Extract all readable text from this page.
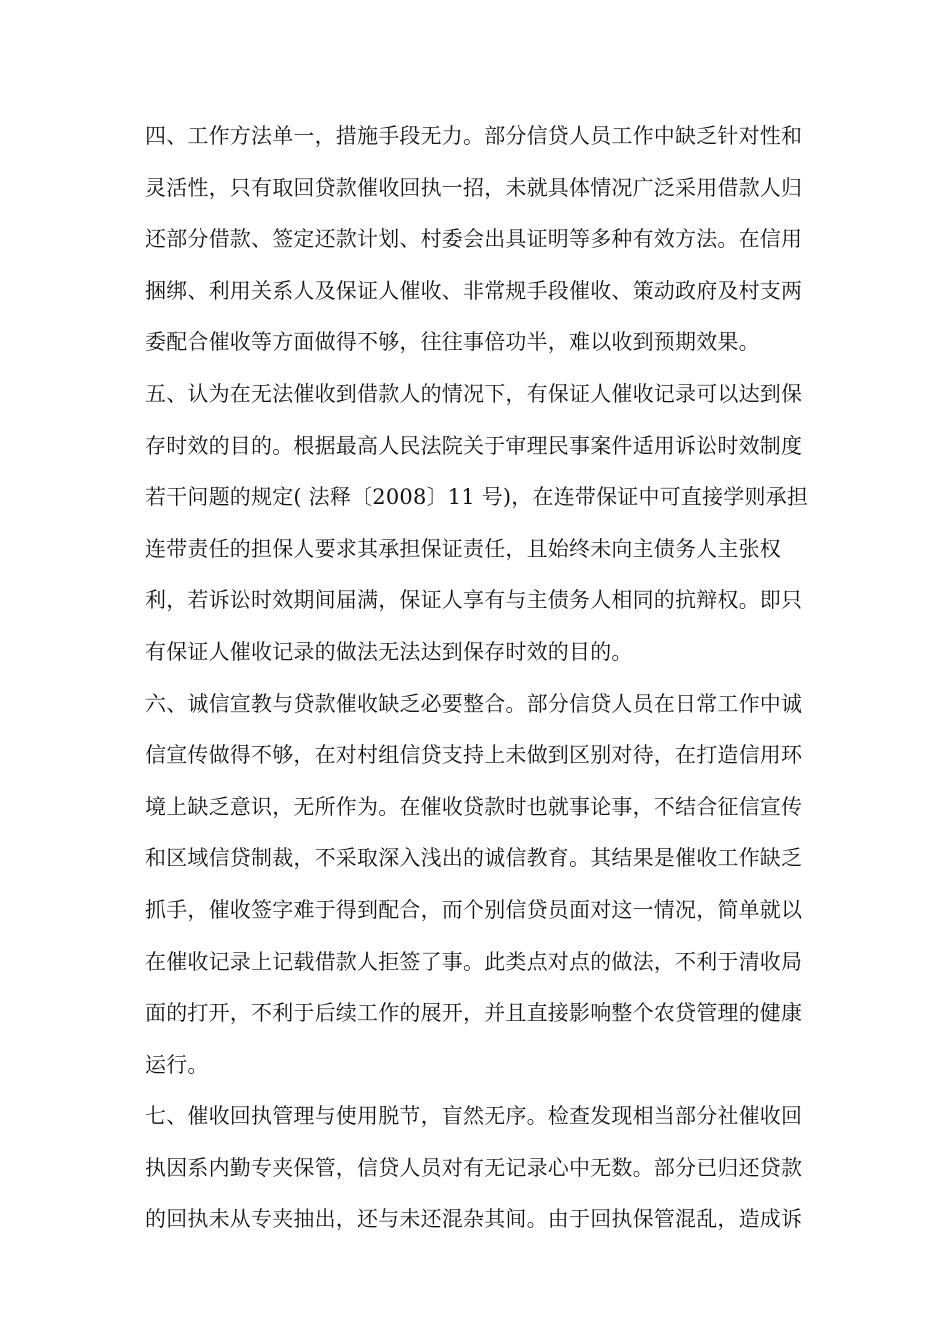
四、工作方法单一，措施手段无力。部分信贷人员工作中缺乏针对性和
灵活性，只有取回贷款催收回执一招，未就具体情况广泛采用借款人归
还部分借款、签定还款计划、村委会出具证明等多种有效方法。在信用
捆绑、利用关系人及保证人催收、非常规手段催收、策动政府及村支两
委配合催收等方面做得不够，往往事倍功半，难以收到预期效果。
五、认为在无法催收到借款人的情况下，有保证人催收记录可以达到保
存时效的目的。根据最高人民法院关于审理民事案件适用诉讼时效制度
若干问题的规定( 法释〔2008〕11 号)，在连带保证中可直接学则承担
连带责任的担保人要求其承担保证责任，且始终未向主债务人主张权
利，若诉讼时效期间届满，保证人享有与主债务人相同的抗辩权。即只
有保证人催收记录的做法无法达到保存时效的目的。
六、诚信宣教与贷款催收缺乏必要整合。部分信贷人员在日常工作中诚
信宣传做得不够，在对村组信贷支持上未做到区别对待，在打造信用环
境上缺乏意识，无所作为。在催收贷款时也就事论事，不结合征信宣传
和区域信贷制裁，不采取深入浅出的诚信教育。其结果是催收工作缺乏
抓手，催收签字难于得到配合，而个别信贷员面对这一情况，简单就以
在催收记录上记载借款人拒签了事。此类点对点的做法，不利于清收局
面的打开，不利于后续工作的展开，并且直接影响整个农贷管理的健康
运行。
七、催收回执管理与使用脱节，盲然无序。检查发现相当部分社催收回
执因系内勤专夹保管，信贷人员对有无记录心中无数。部分已归还贷款
的回执未从专夹抽出，还与未还混杂其间。由于回执保管混乱，造成诉
